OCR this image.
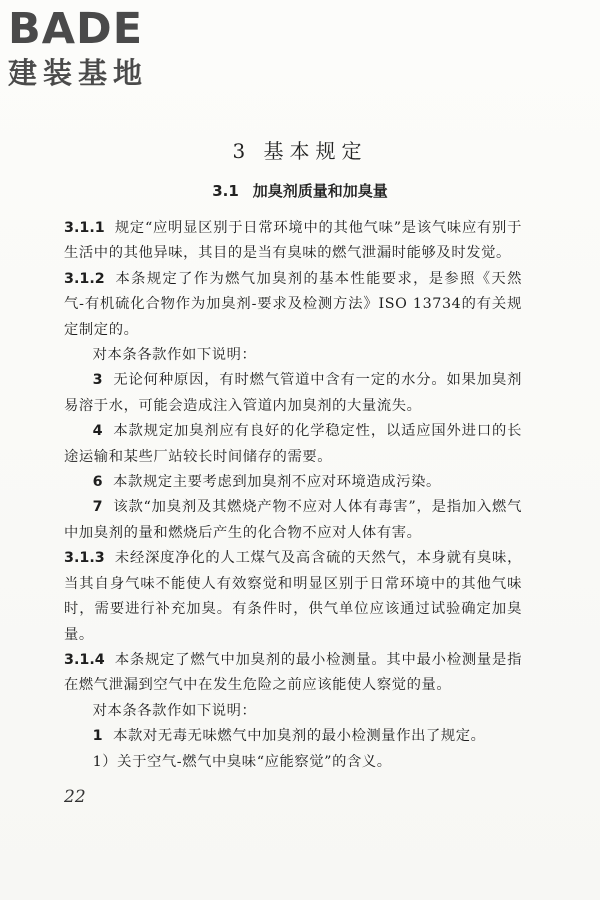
BADE
建装基地
3 基本规定
3.1 加臭剂质量和加臭量

3.1.1 规定“应明显区别于日常环境中的其他气味”是该气味应有别于生活中的其他异味，其目的是当有臭味的燃气泄漏时能够及时发觉。

3.1.2 本条规定了作为燃气加臭剂的基本性能要求，是参照《天然气-有机硫化合物作为加臭剂-要求及检测方法》ISO 13734的有关规定制定的。

对本条各款作如下说明：

3 无论何种原因，有时燃气管道中含有一定的水分。如果加臭剂易溶于水，可能会造成注入管道内加臭剂的大量流失。

4 本款规定加臭剂应有良好的化学稳定性，以适应国外进口的长途运输和某些厂站较长时间储存的需要。

6 本款规定主要考虑到加臭剂不应对环境造成污染。

7 该款“加臭剂及其燃烧产物不应对人体有毒害”，是指加入燃气中加臭剂的量和燃烧后产生的化合物不应对人体有害。

3.1.3 未经深度净化的人工煤气及高含硫的天然气，本身就有臭味，当其自身气味不能使人有效察觉和明显区别于日常环境中的其他气味时，需要进行补充加臭。有条件时，供气单位应该通过试验确定加臭量。

3.1.4 本条规定了燃气中加臭剂的最小检测量。其中最小检测量是指在燃气泄漏到空气中在发生危险之前应该能使人察觉的量。

对本条各款作如下说明：

1 本款对无毒无味燃气中加臭剂的最小检测量作出了规定。

1）关于空气-燃气中臭味“应能察觉”的含义。

22
